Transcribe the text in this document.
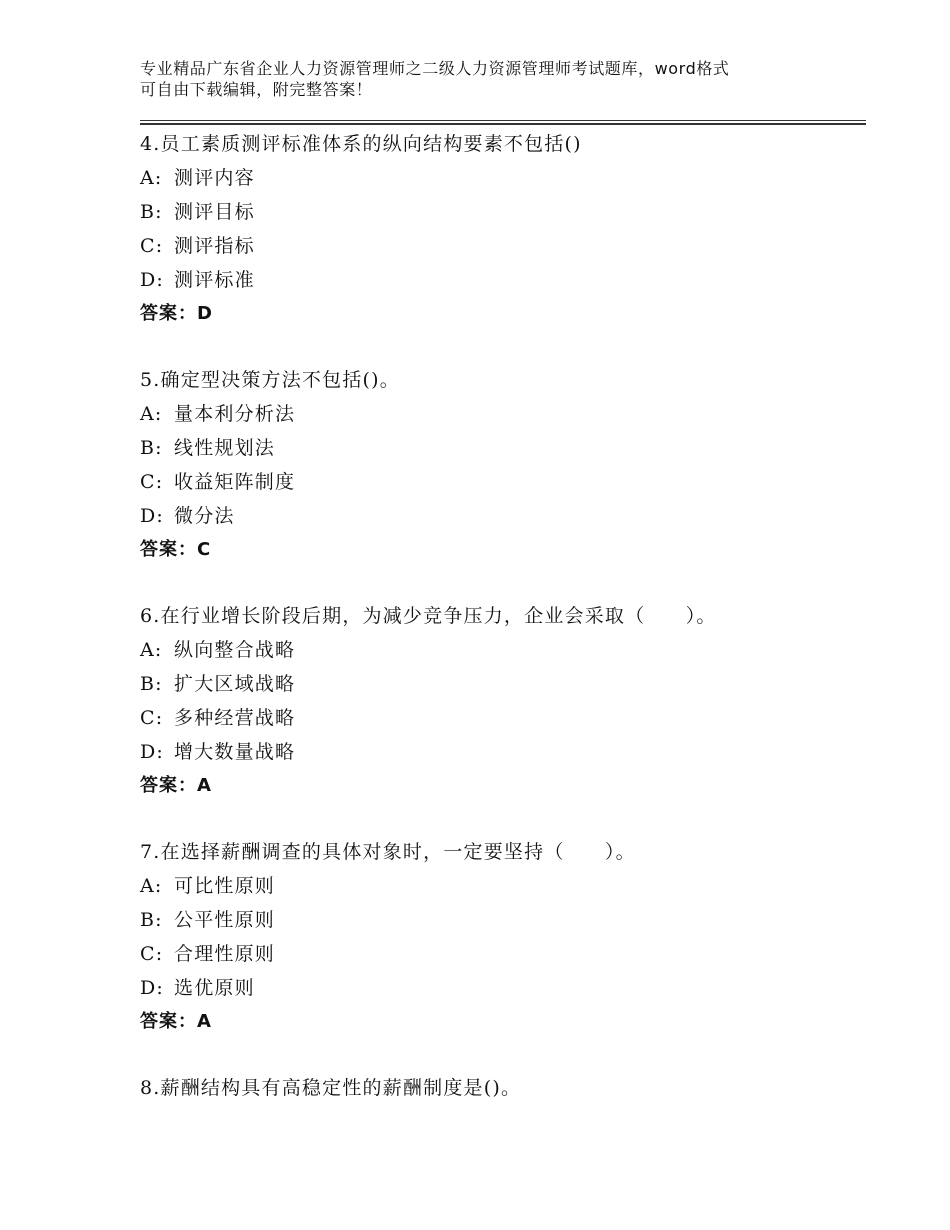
专业精品广东省企业人力资源管理师之二级人力资源管理师考试题库，word格式
可自由下载编辑，附完整答案！
4.员工素质测评标准体系的纵向结构要素不包括()
A: 测评内容
B: 测评目标
C: 测评指标
D: 测评标准
答案：D
5.确定型决策方法不包括()。
A: 量本利分析法
B: 线性规划法
C: 收益矩阵制度
D: 微分法
答案：C
6.在行业增长阶段后期，为减少竞争压力，企业会采取（　　）。
A: 纵向整合战略
B: 扩大区域战略
C: 多种经营战略
D: 增大数量战略
答案：A
7.在选择薪酬调查的具体对象时，一定要坚持（　　）。
A: 可比性原则
B: 公平性原则
C: 合理性原则
D: 选优原则
答案：A
8.薪酬结构具有高稳定性的薪酬制度是()。
